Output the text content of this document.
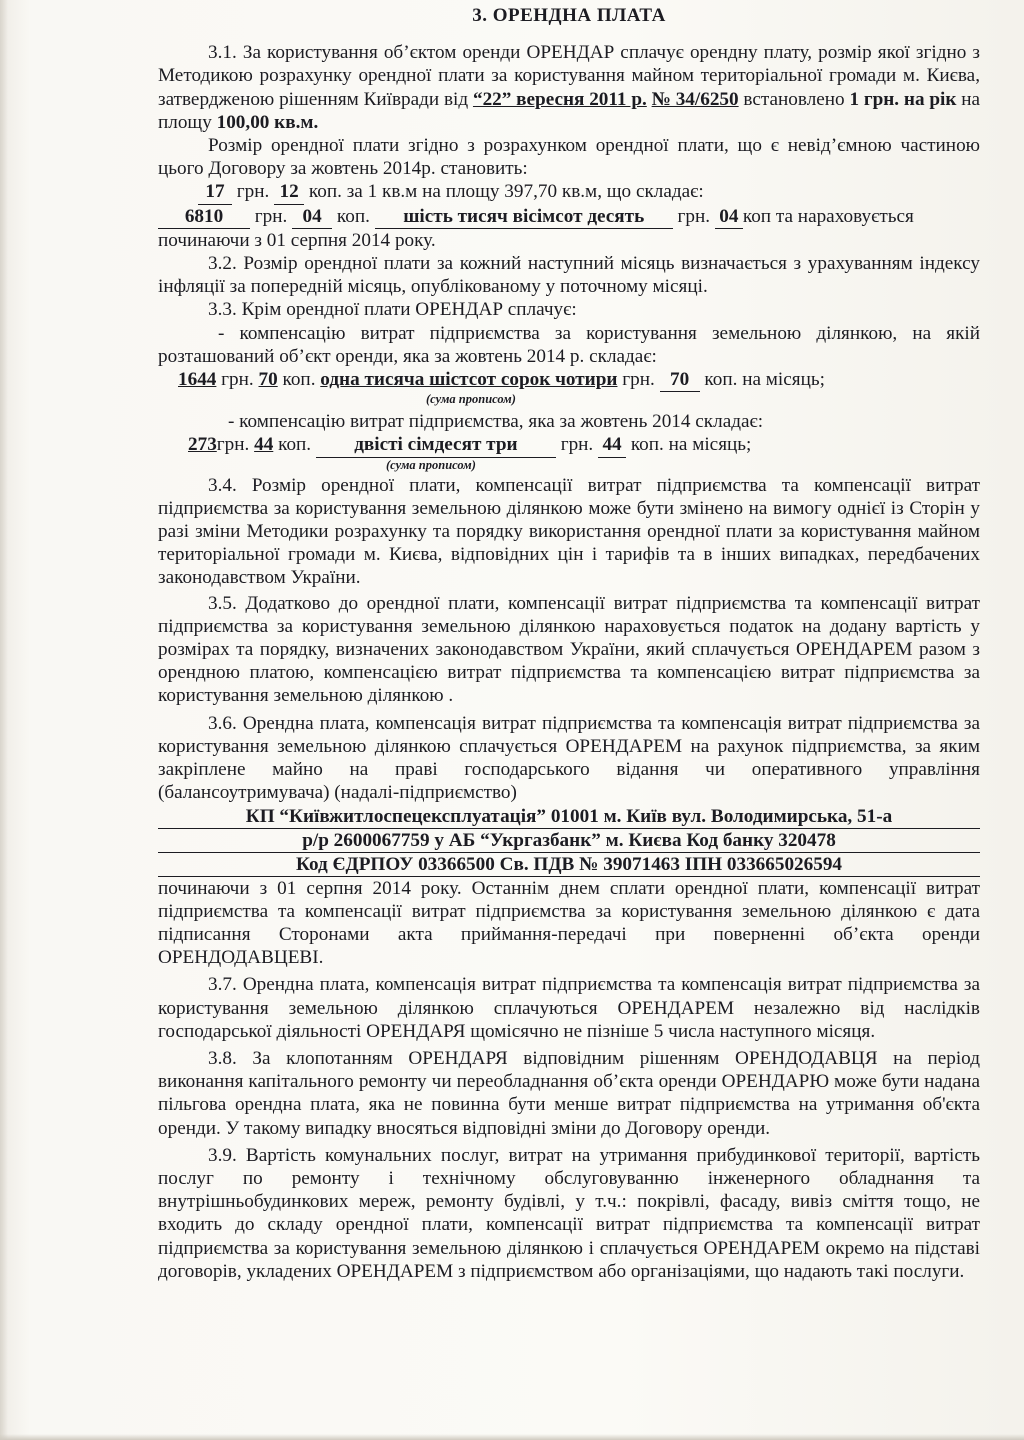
3. ОРЕНДНА ПЛАТА

3.1. За користування об’єктом оренди ОРЕНДАР сплачує орендну плату, розмір якої згідно з Методикою розрахунку орендної плати за користування майном територіальної громади м. Києва, затвердженою рішенням Київради від “22” вересня 2011 р. № 34/6250 встановлено 1 грн. на рік на площу 100,00 кв.м.

Розмір орендної плати згідно з розрахунком орендної плати, що є невід’ємною частиною цього Договору за жовтень 2014р. становить:

17 грн. 12 коп. за 1 кв.м на площу 397,70 кв.м, що складає:
6810 грн. 04 коп. шість тисяч вісімсот десять грн. 04 коп та нараховується

починаючи з 01 серпня 2014 року.

3.2. Розмір орендної плати за кожний наступний місяць визначається з урахуванням індексу інфляції за попередній місяць, опублікованому у поточному місяці.

3.3. Крім орендної плати ОРЕНДАР сплачує:

- компенсацію витрат підприємства за користування земельною ділянкою, на якій розташований об’єкт оренди, яка за жовтень 2014 р. складає:

1644 грн. 70 коп. одна тисяча шістсот сорок чотири грн. 70 коп. на місяць;
(сума прописом)
- компенсацію витрат підприємства, яка за жовтень 2014 складає:
273грн. 44 коп. двісті сімдесят три грн. 44 коп. на місяць;
(сума прописом)

3.4. Розмір орендної плати, компенсації витрат підприємства та компенсації витрат підприємства за користування земельною ділянкою може бути змінено на вимогу однієї із Сторін у разі зміни Методики розрахунку та порядку використання орендної плати за користування майном територіальної громади м. Києва, відповідних цін і тарифів та в інших випадках, передбачених законодавством України.

3.5. Додатково до орендної плати, компенсації витрат підприємства та компенсації витрат підприємства за користування земельною ділянкою нараховується податок на додану вартість у розмірах та порядку, визначених законодавством України, який сплачується ОРЕНДАРЕМ разом з орендною платою, компенсацією витрат підприємства та компенсацією витрат підприємства за користування земельною ділянкою .

3.6. Орендна плата, компенсація витрат підприємства та компенсація витрат підприємства за користування земельною ділянкою сплачується ОРЕНДАРЕМ на рахунок підприємства, за яким закріплене майно на праві господарського відання чи оперативного управління (балансоутримувача) (надалі-підприємство)

КП “Київжитлоспецексплуатація” 01001 м. Київ вул. Володимирська, 51-а
р/р 2600067759 у АБ “Укргазбанк” м. Києва Код банку 320478
Код ЄДРПОУ 03366500 Св. ПДВ № 39071463 ІПН 033665026594

починаючи з 01 серпня 2014 року. Останнім днем сплати орендної плати, компенсації витрат підприємства та компенсації витрат підприємства за користування земельною ділянкою є дата підписання Сторонами акта приймання-передачі при поверненні об’єкта оренди ОРЕНДОДАВЦЕВІ.

3.7. Орендна плата, компенсація витрат підприємства та компенсація витрат підприємства за користування земельною ділянкою сплачуються ОРЕНДАРЕМ незалежно від наслідків господарської діяльності ОРЕНДАРЯ щомісячно не пізніше 5 числа наступного місяця.

3.8. За клопотанням ОРЕНДАРЯ відповідним рішенням ОРЕНДОДАВЦЯ на період виконання капітального ремонту чи переобладнання об’єкта оренди ОРЕНДАРЮ може бути надана пільгова орендна плата, яка не повинна бути менше витрат підприємства на утримання об'єкта оренди. У такому випадку вносяться відповідні зміни до Договору оренди.

3.9. Вартість комунальних послуг, витрат на утримання прибудинкової території, вартість послуг по ремонту і технічному обслуговуванню інженерного обладнання та внутрішньобудинкових мереж, ремонту будівлі, у т.ч.: покрівлі, фасаду, вивіз сміття тощо, не входить до складу орендної плати, компенсації витрат підприємства та компенсації витрат підприємства за користування земельною ділянкою і сплачується ОРЕНДАРЕМ окремо на підставі договорів, укладених ОРЕНДАРЕМ з підприємством або організаціями, що надають такі послуги.
